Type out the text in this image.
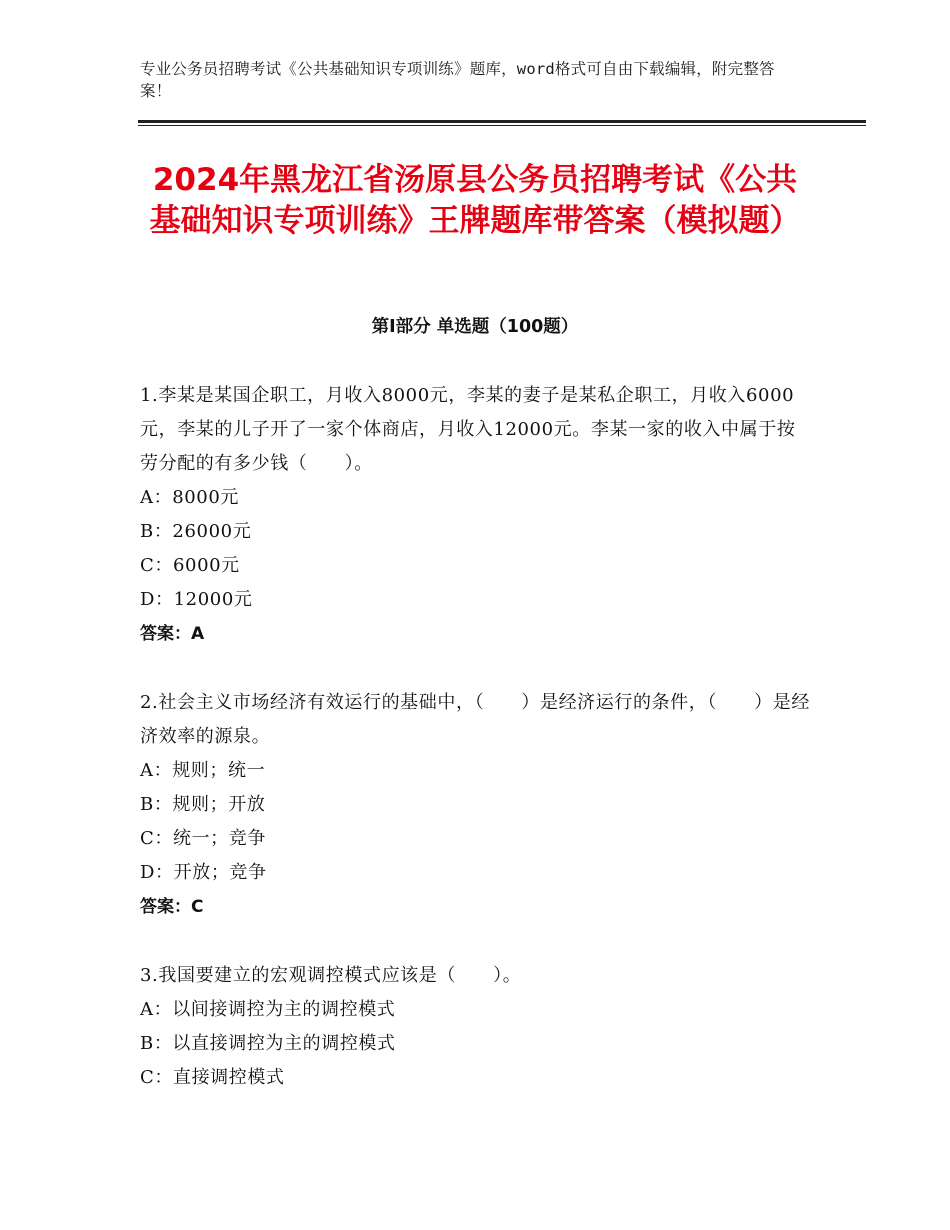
专业公务员招聘考试《公共基础知识专项训练》题库，word格式可自由下载编辑，附完整答案！
2024年黑龙江省汤原县公务员招聘考试《公共基础知识专项训练》王牌题库带答案（模拟题）
第Ⅰ部分 单选题（100题）
1.李某是某国企职工，月收入8000元，李某的妻子是某私企职工，月收入6000元，李某的儿子开了一家个体商店，月收入12000元。李某一家的收入中属于按劳分配的有多少钱（　　）。
A：8000元
B：26000元
C：6000元
D：12000元
答案：A
2.社会主义市场经济有效运行的基础中，（　　）是经济运行的条件，（　　）是经济效率的源泉。
A：规则；统一
B：规则；开放
C：统一；竞争
D：开放；竞争
答案：C
3.我国要建立的宏观调控模式应该是（　　）。
A：以间接调控为主的调控模式
B：以直接调控为主的调控模式
C：直接调控模式
